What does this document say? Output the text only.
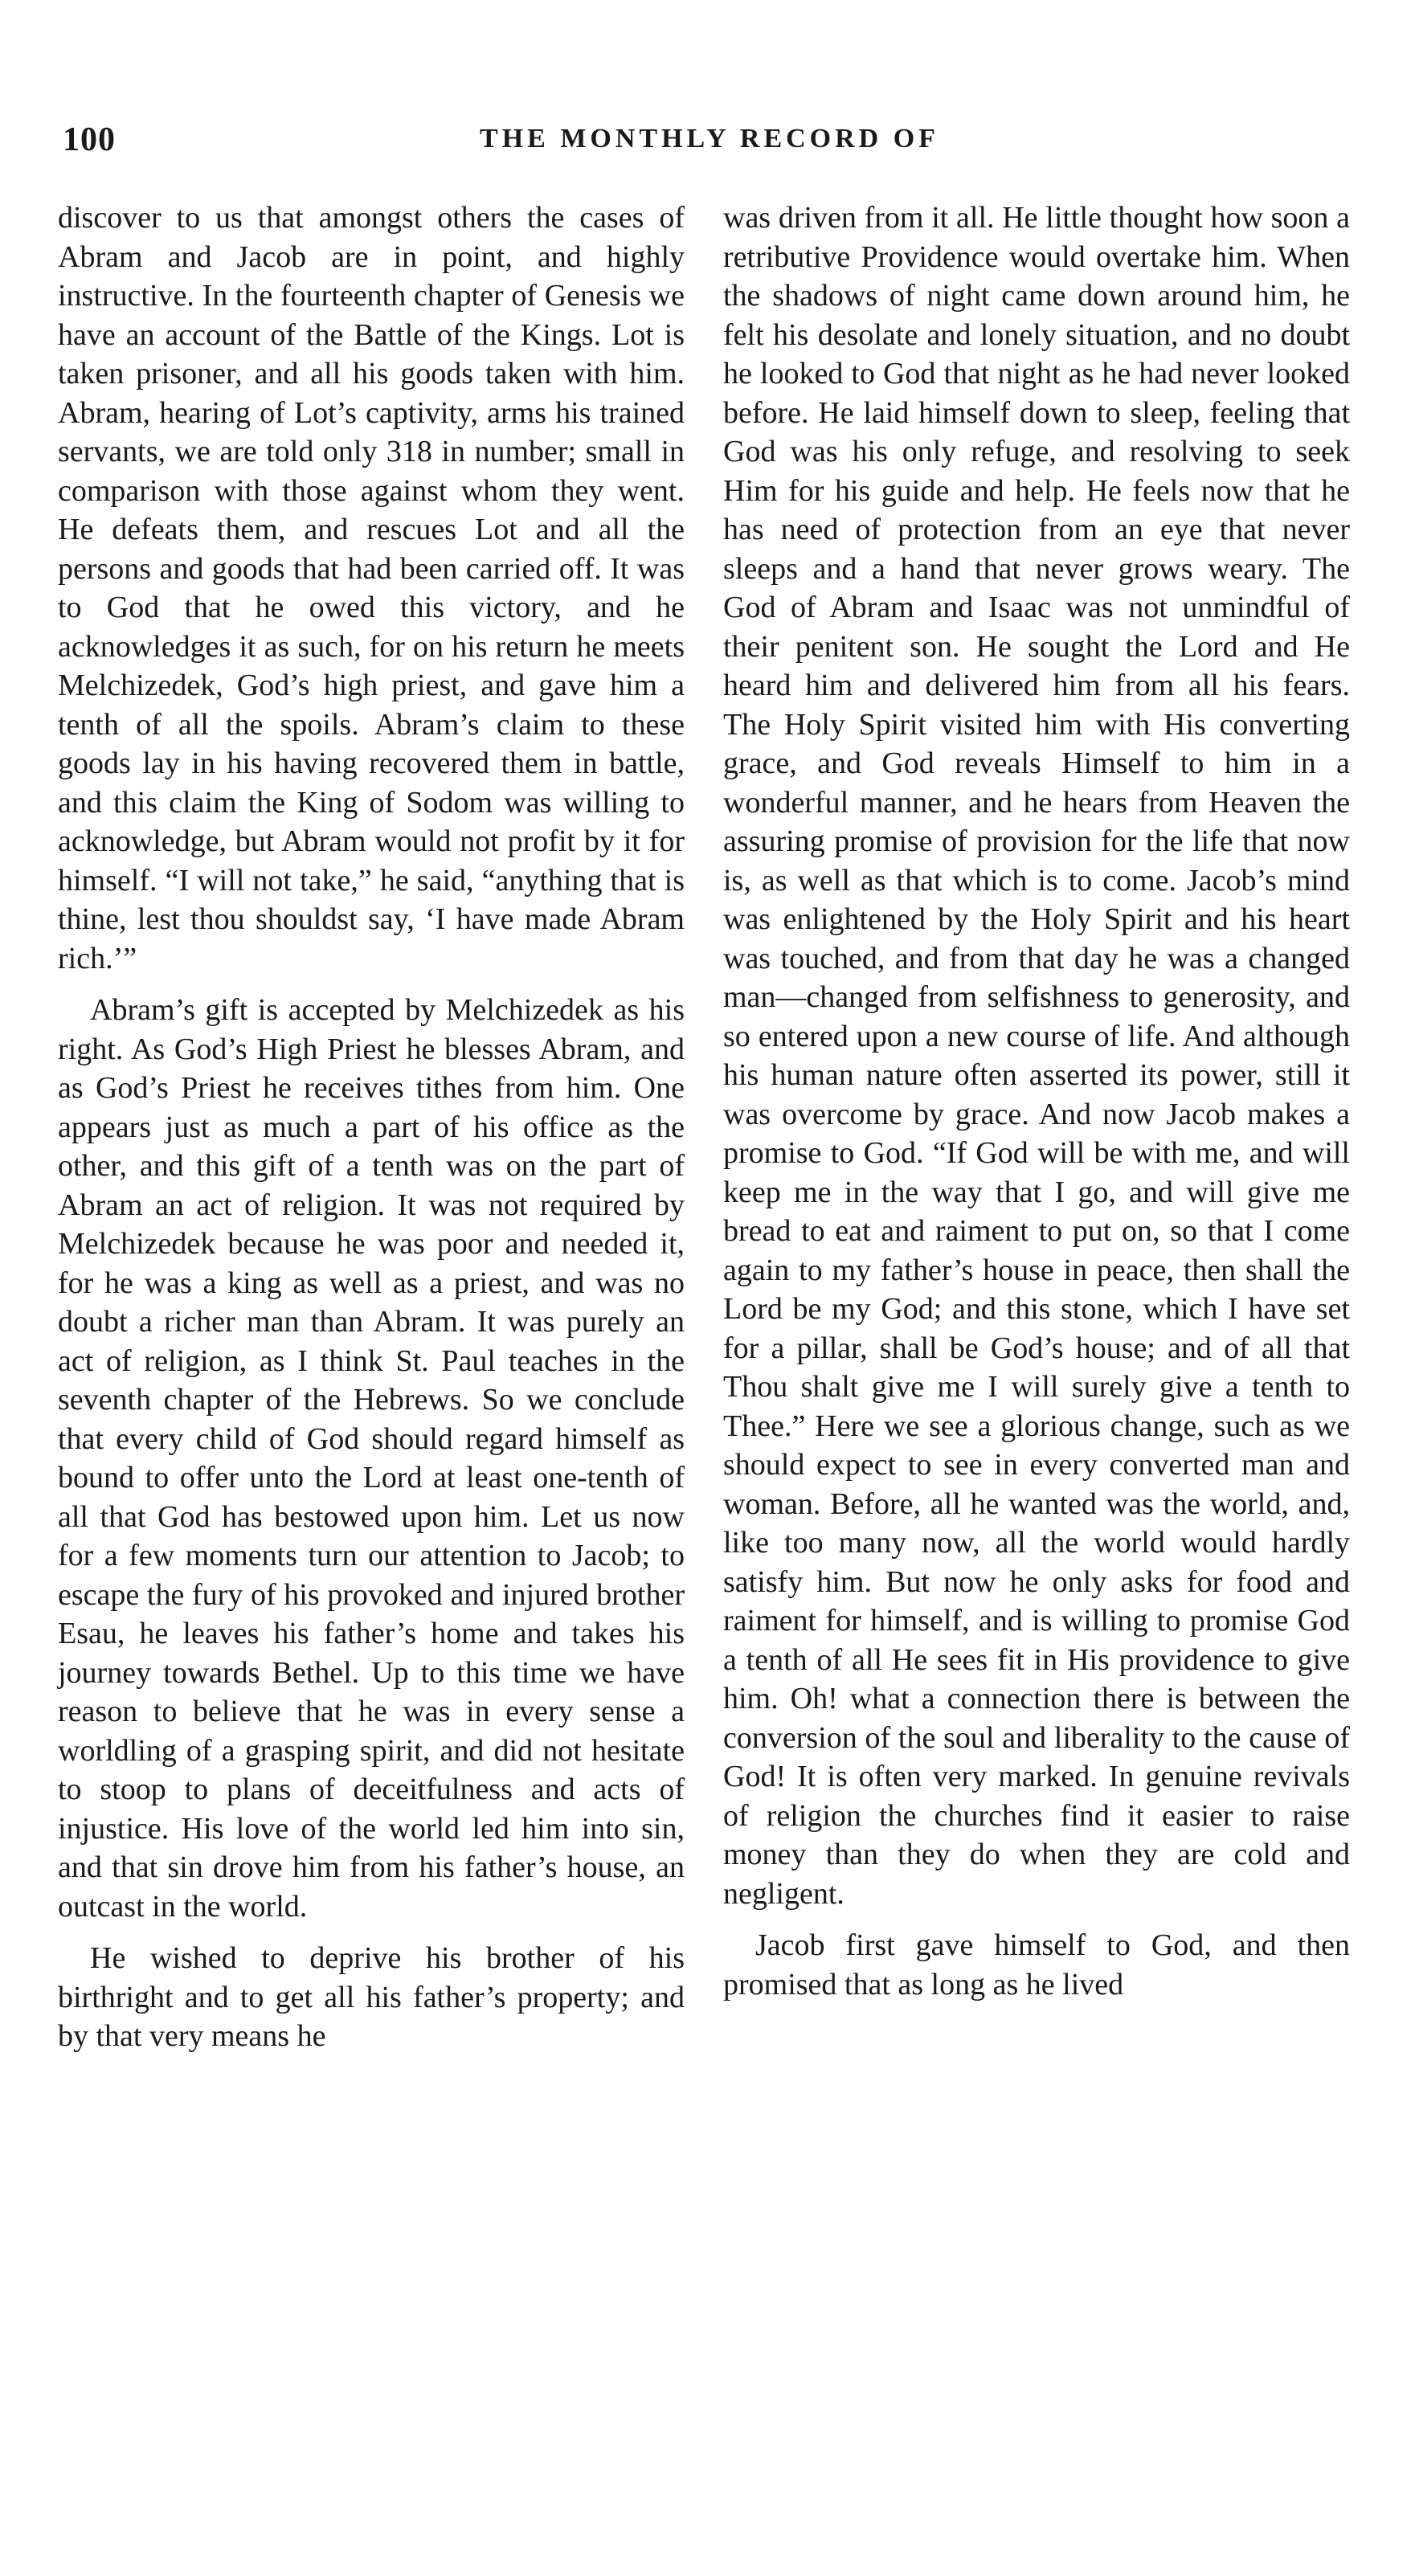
100	THE MONTHLY RECORD OF

discover to us that amongst others the cases of Abram and Jacob are in point, and highly instructive. In the fourteenth chapter of Genesis we have an account of the Battle of the Kings. Lot is taken prisoner, and all his goods taken with him. Abram, hearing of Lot’s captivity, arms his trained servants, we are told only 318 in number; small in comparison with those against whom they went. He defeats them, and rescues Lot and all the persons and goods that had been carried off. It was to God that he owed this victory, and he acknowledges it as such, for on his return he meets Melchizedek, God’s high priest, and gave him a tenth of all the spoils. Abram’s claim to these goods lay in his having recovered them in battle, and this claim the King of Sodom was willing to acknowledge, but Abram would not profit by it for himself. “I will not take,” he said, “anything that is thine, lest thou shouldst say, ‘I have made Abram rich.’”

Abram’s gift is accepted by Melchizedek as his right. As God’s High Priest he blesses Abram, and as God’s Priest he receives tithes from him. One appears just as much a part of his office as the other, and this gift of a tenth was on the part of Abram an act of religion. It was not required by Melchizedek because he was poor and needed it, for he was a king as well as a priest, and was no doubt a richer man than Abram. It was purely an act of religion, as I think St. Paul teaches in the seventh chapter of the Hebrews. So we conclude that every child of God should regard himself as bound to offer unto the Lord at least one-tenth of all that God has bestowed upon him. Let us now for a few moments turn our attention to Jacob; to escape the fury of his provoked and injured brother Esau, he leaves his father’s home and takes his journey towards Bethel. Up to this time we have reason to believe that he was in every sense a worldling of a grasping spirit, and did not hesitate to stoop to plans of deceitfulness and acts of injustice. His love of the world led him into sin, and that sin drove him from his father’s house, an outcast in the world.

He wished to deprive his brother of his birthright and to get all his father’s property; and by that very means he

was driven from it all. He little thought how soon a retributive Providence would overtake him. When the shadows of night came down around him, he felt his desolate and lonely situation, and no doubt he looked to God that night as he had never looked before. He laid himself down to sleep, feeling that God was his only refuge, and resolving to seek Him for his guide and help. He feels now that he has need of protection from an eye that never sleeps and a hand that never grows weary. The God of Abram and Isaac was not unmindful of their penitent son. He sought the Lord and He heard him and delivered him from all his fears. The Holy Spirit visited him with His converting grace, and God reveals Himself to him in a wonderful manner, and he hears from Heaven the assuring promise of provision for the life that now is, as well as that which is to come. Jacob’s mind was enlightened by the Holy Spirit and his heart was touched, and from that day he was a changed man—changed from selfishness to generosity, and so entered upon a new course of life. And although his human nature often asserted its power, still it was overcome by grace. And now Jacob makes a promise to God. “If God will be with me, and will keep me in the way that I go, and will give me bread to eat and raiment to put on, so that I come again to my father’s house in peace, then shall the Lord be my God; and this stone, which I have set for a pillar, shall be God’s house; and of all that Thou shalt give me I will surely give a tenth to Thee.” Here we see a glorious change, such as we should expect to see in every converted man and woman. Before, all he wanted was the world, and, like too many now, all the world would hardly satisfy him. But now he only asks for food and raiment for himself, and is willing to promise God a tenth of all He sees fit in His providence to give him. Oh! what a connection there is between the conversion of the soul and liberality to the cause of God! It is often very marked. In genuine revivals of religion the churches find it easier to raise money than they do when they are cold and negligent.

Jacob first gave himself to God, and then promised that as long as he lived
